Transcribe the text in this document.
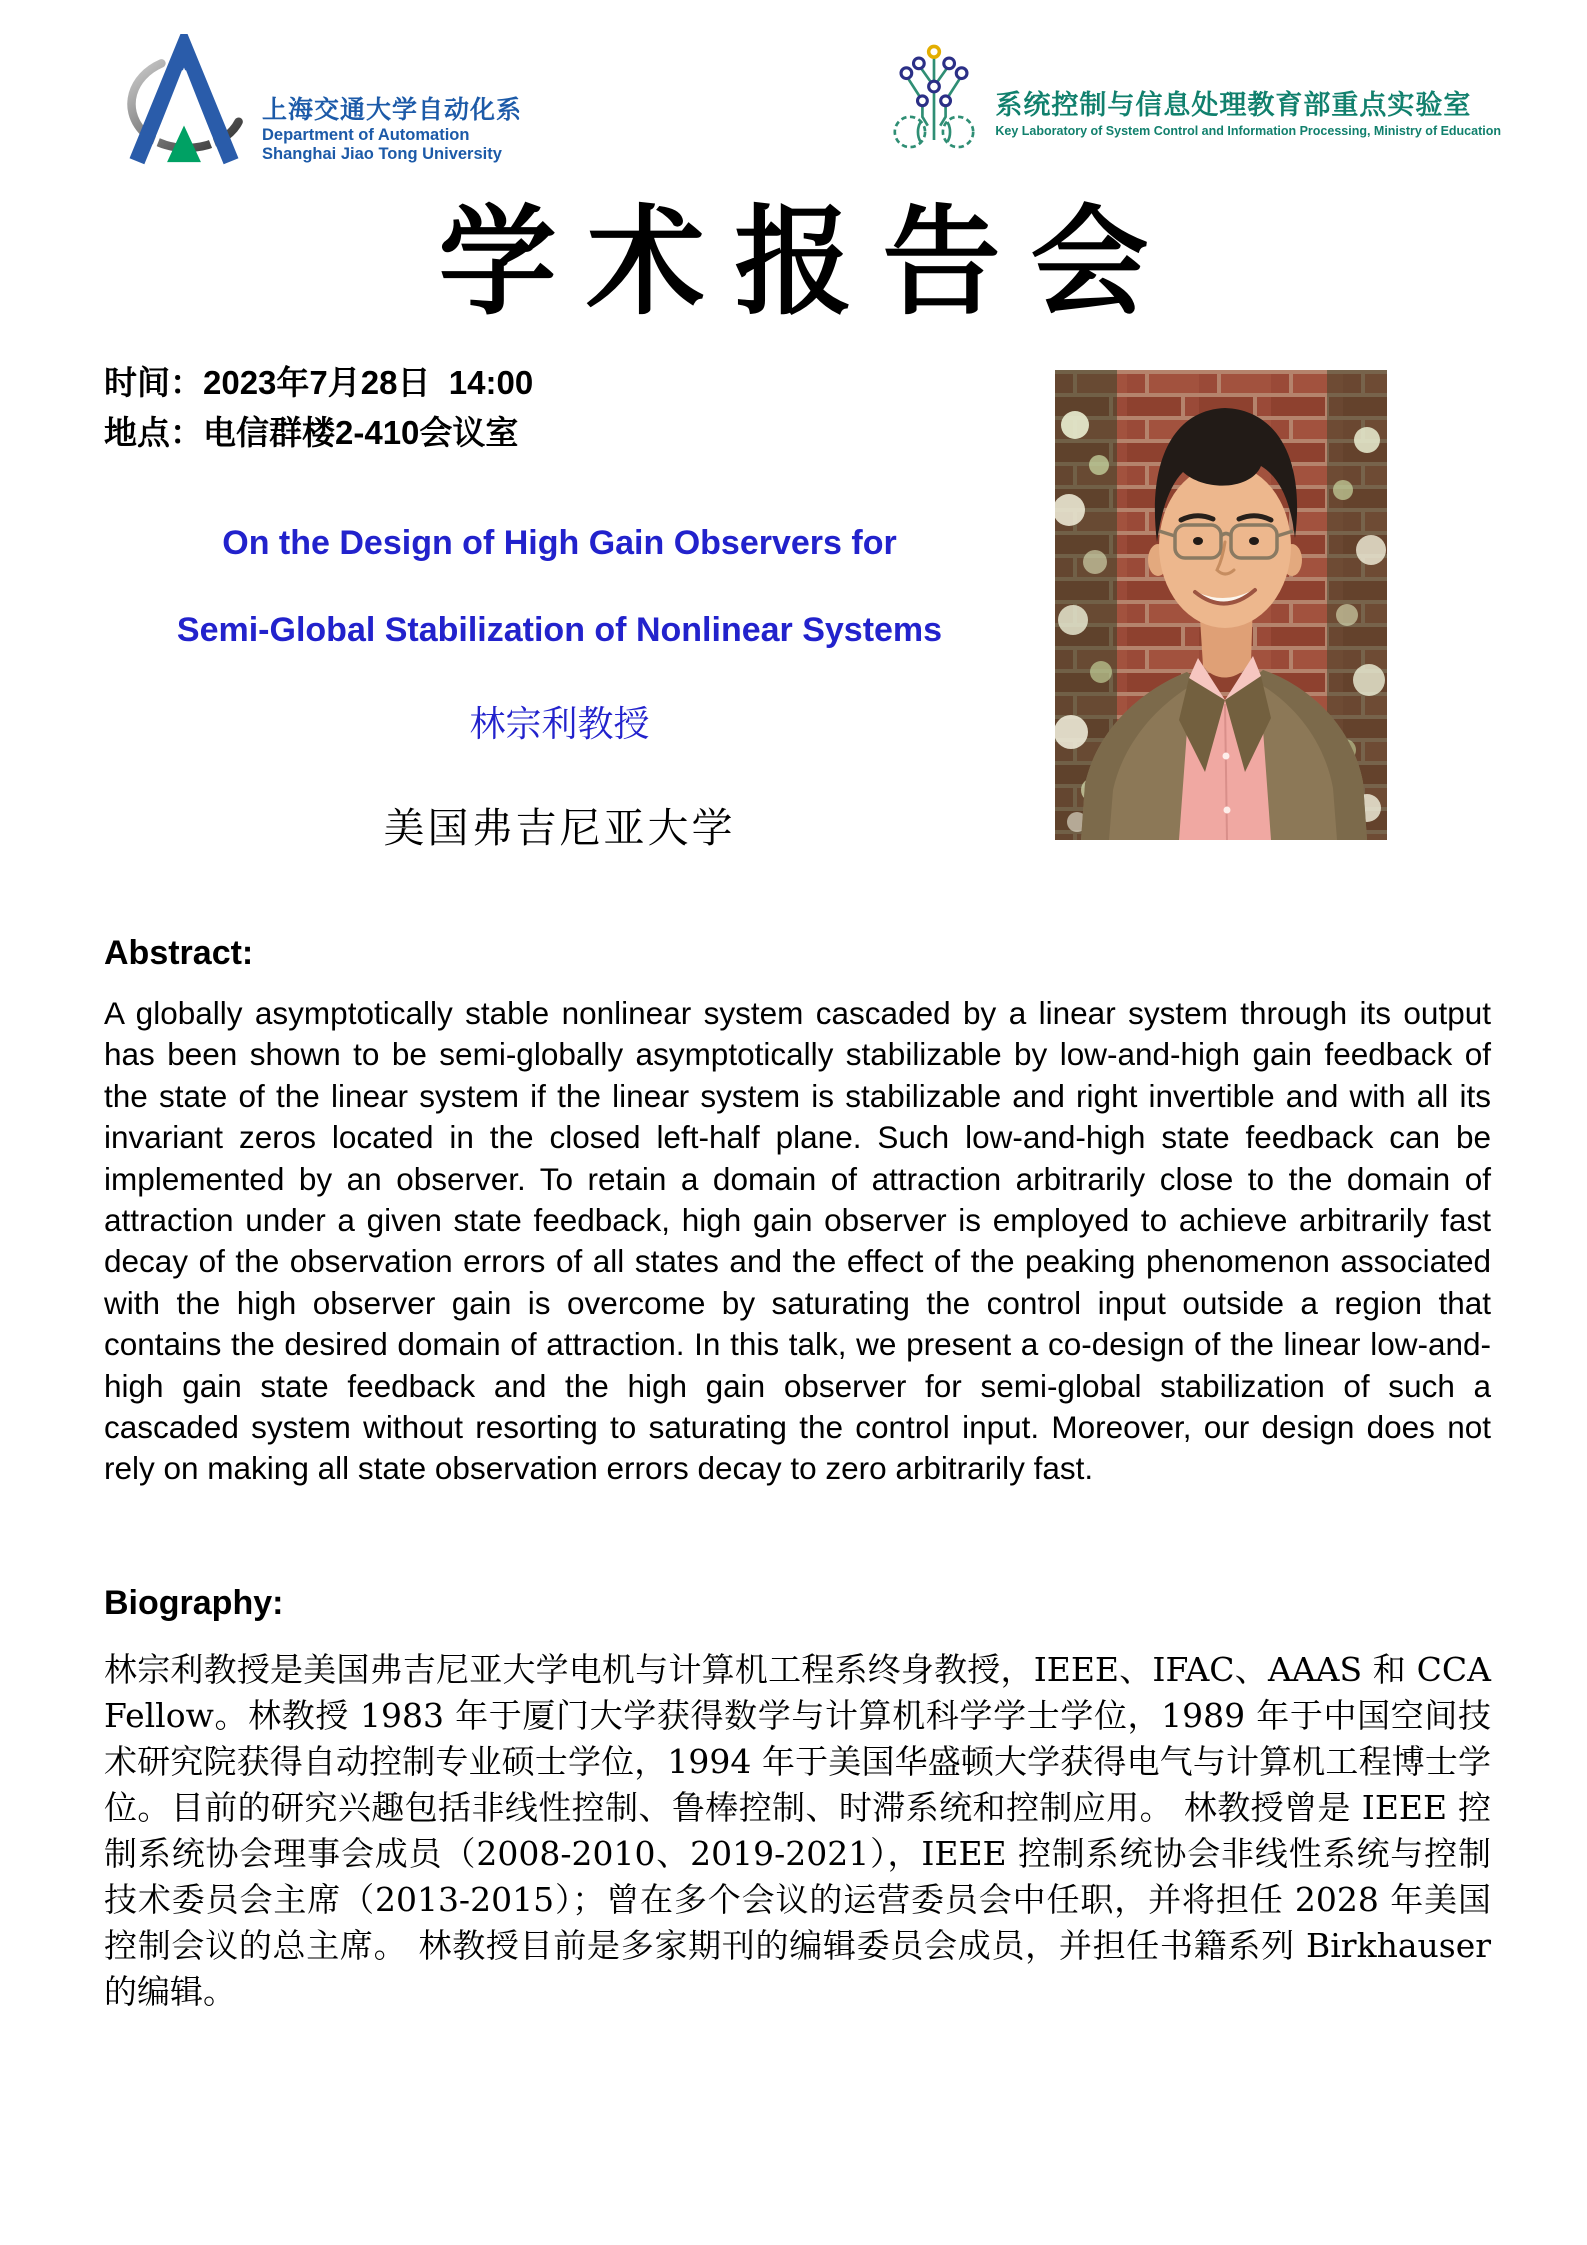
上海交通大学自动化系
Department of Automation
Shanghai Jiao Tong University
系统控制与信息处理教育部重点实验室
Key Laboratory of System Control and Information Processing, Ministry of Education
学术报告会
时间：2023年7月28日  14:00
地点：电信群楼2-410会议室
On the Design of High Gain Observers for
Semi-Global Stabilization of Nonlinear Systems
林宗利教授
美国弗吉尼亚大学
Abstract:
A globally asymptotically stable nonlinear system cascaded by a linear system through its output has been shown to be semi-globally asymptotically stabilizable by low-and-high gain feedback of the state of the linear system if the linear system is stabilizable and right invertible and with all its invariant zeros located in the closed left-half plane. Such low-and-high state feedback can be implemented by an observer. To retain a domain of attraction arbitrarily close to the domain of attraction under a given state feedback, high gain observer is employed to achieve arbitrarily fast decay of the observation errors of all states and the effect of the peaking phenomenon associated with the high observer gain is overcome by saturating the control input outside a region that contains the desired domain of attraction. In this talk, we present a co-design of the linear low-and-high gain state feedback and the high gain observer for semi-global stabilization of such a cascaded system without resorting to saturating the control input. Moreover, our design does not rely on making all state observation errors decay to zero arbitrarily fast.
Biography:
林宗利教授是美国弗吉尼亚大学电机与计算机工程系终身教授，IEEE、IFAC、AAAS 和 CCA Fellow。林教授 1983 年于厦门大学获得数学与计算机科学学士学位，1989 年于中国空间技术研究院获得自动控制专业硕士学位，1994 年于美国华盛顿大学获得电气与计算机工程博士学位。目前的研究兴趣包括非线性控制、鲁棒控制、时滞系统和控制应用。 林教授曾是 IEEE 控制系统协会理事会成员（2008-2010、2019-2021），IEEE 控制系统协会非线性系统与控制技术委员会主席（2013-2015）；曾在多个会议的运营委员会中任职，并将担任 2028 年美国控制会议的总主席。 林教授目前是多家期刊的编辑委员会成员，并担任书籍系列 Birkhauser 的编辑。
